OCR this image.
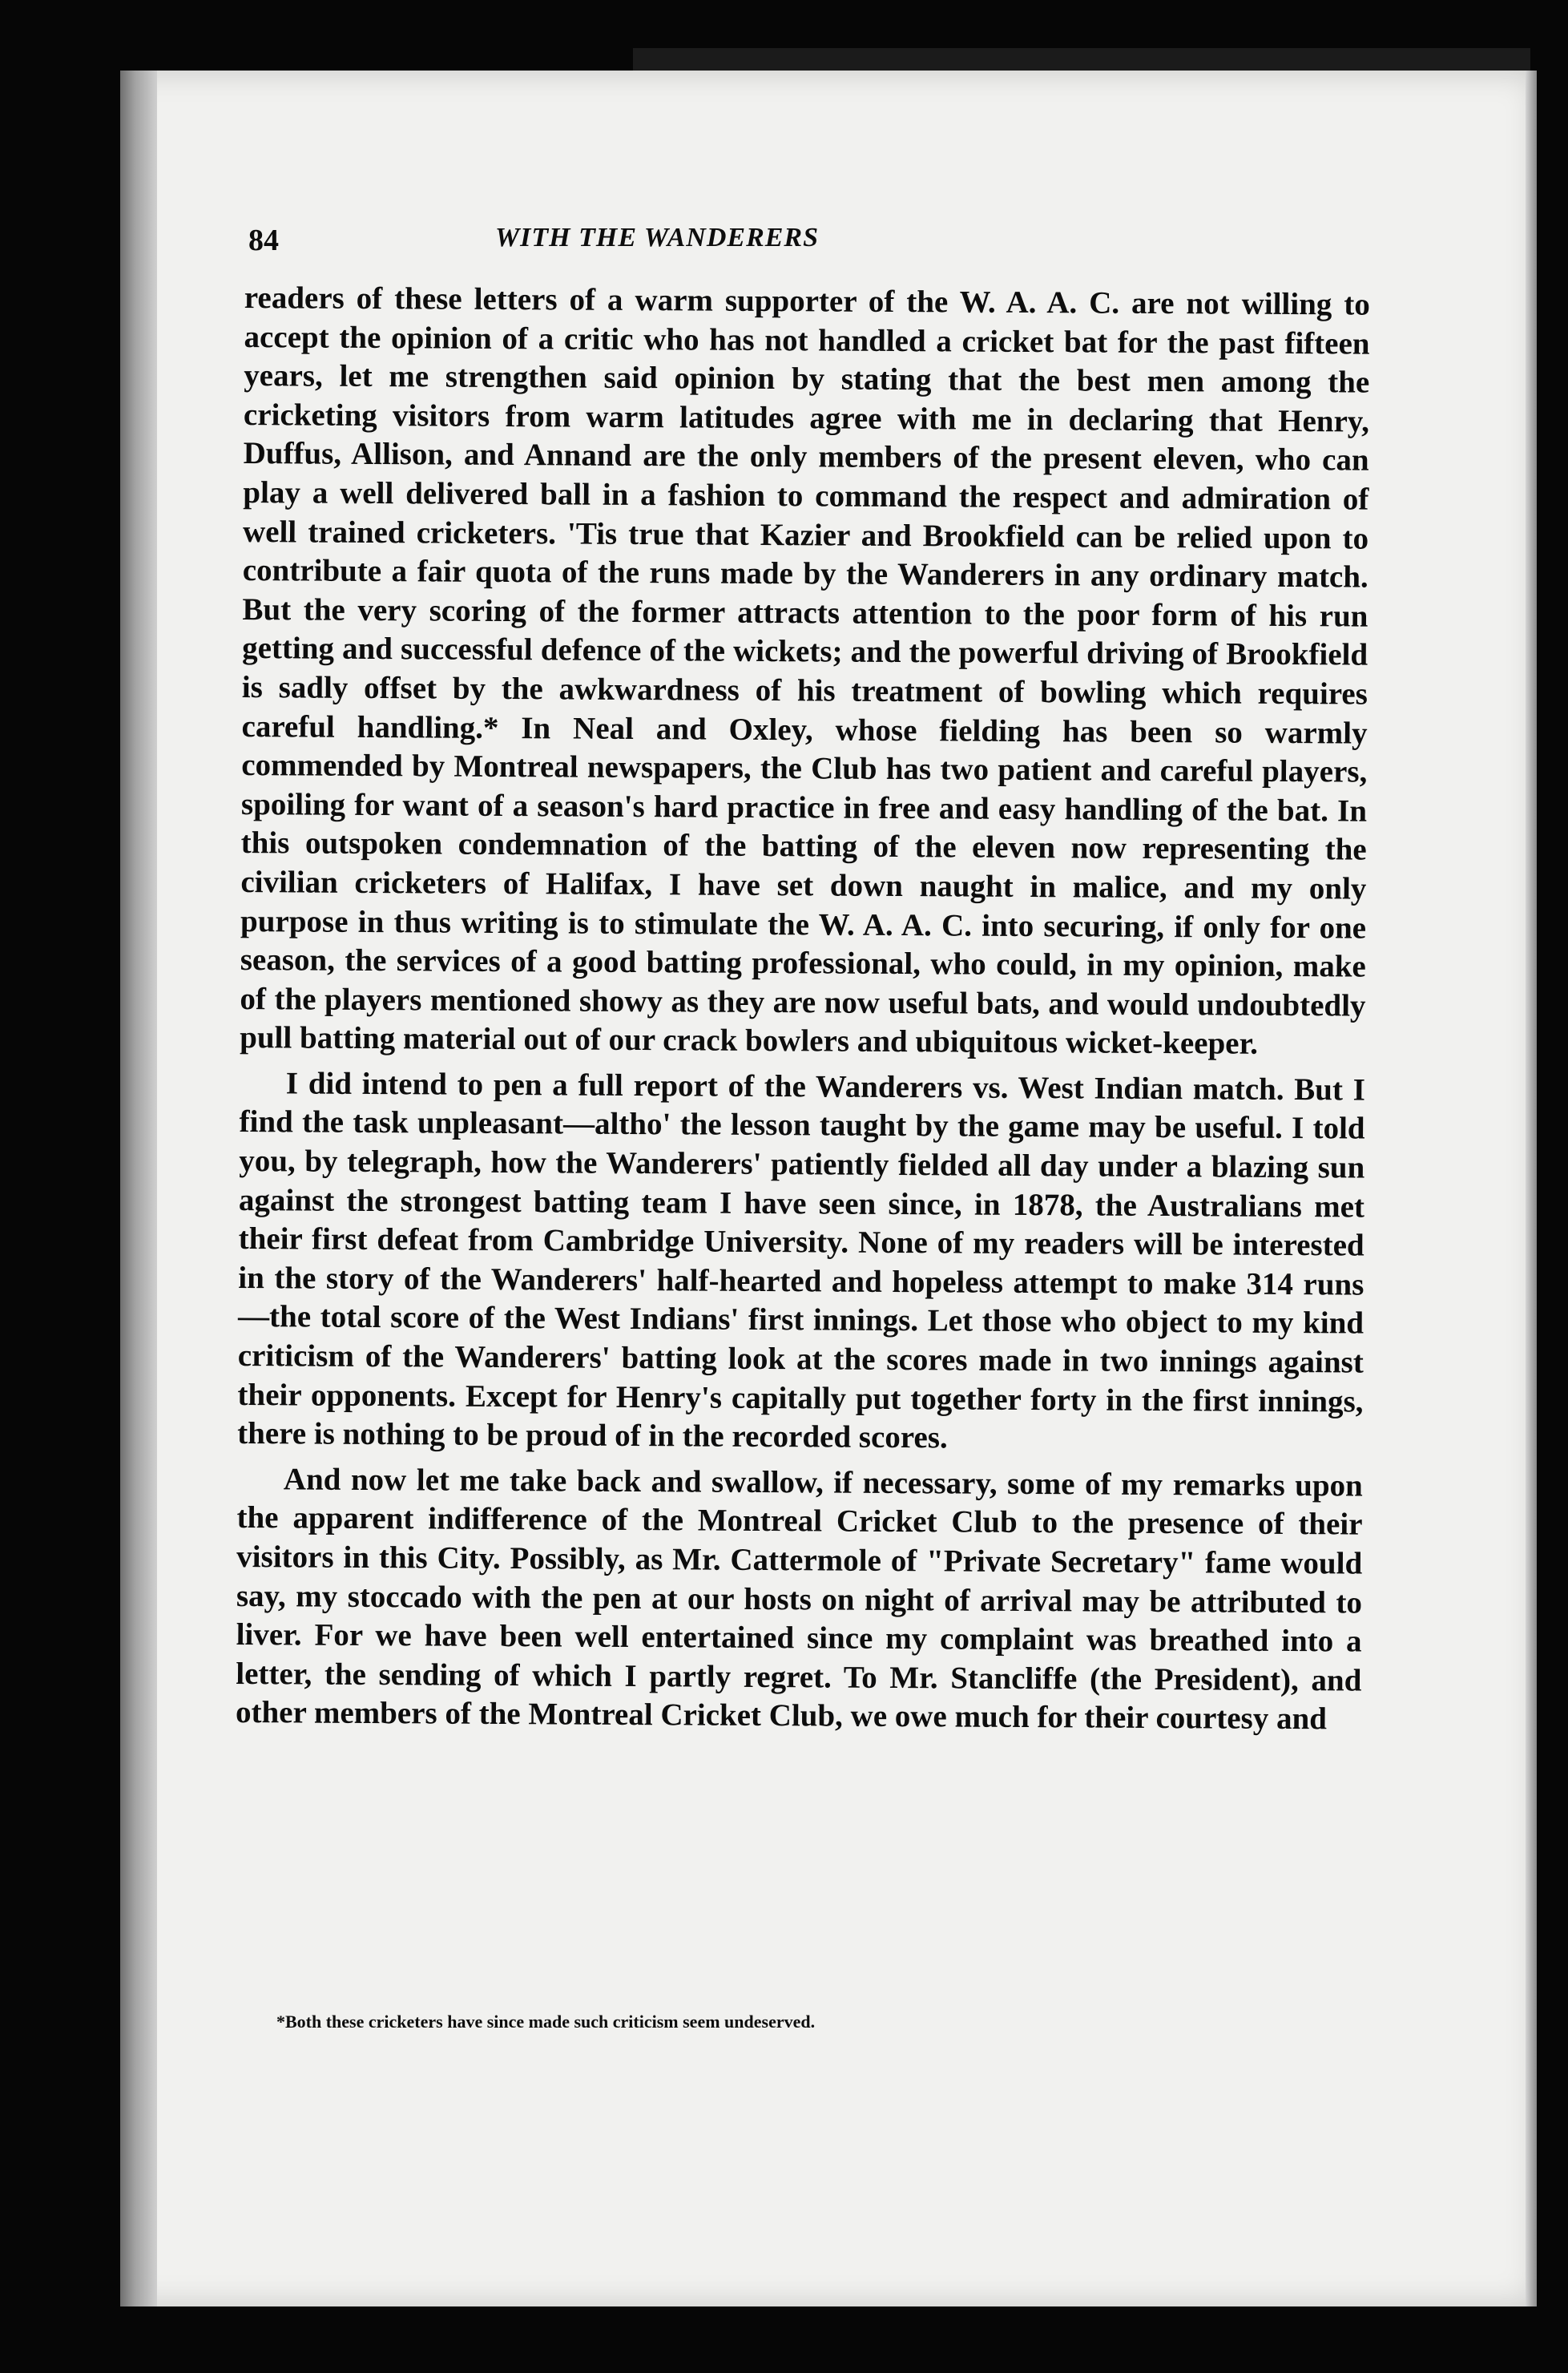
84	WITH THE WANDERERS

readers of these letters of a warm supporter of the W. A. A. C. are not willing to accept the opinion of a critic who has not handled a cricket bat for the past fifteen years, let me strengthen said opinion by stating that the best men among the cricketing visitors from warm latitudes agree with me in declaring that Henry, Duffus, Allison, and Annand are the only members of the present eleven, who can play a well delivered ball in a fashion to command the respect and admiration of well trained cricketers. 'Tis true that Kazier and Brookfield can be relied upon to contribute a fair quota of the runs made by the Wanderers in any ordinary match. But the very scoring of the former attracts attention to the poor form of his run getting and successful defence of the wickets; and the powerful driving of Brookfield is sadly offset by the awkwardness of his treatment of bowling which requires careful handling.* In Neal and Oxley, whose fielding has been so warmly commended by Montreal newspapers, the Club has two patient and careful players, spoiling for want of a season's hard practice in free and easy handling of the bat. In this outspoken condemnation of the batting of the eleven now representing the civilian cricketers of Halifax, I have set down naught in malice, and my only purpose in thus writing is to stimulate the W. A. A. C. into securing, if only for one season, the services of a good batting professional, who could, in my opinion, make of the players mentioned showy as they are now useful bats, and would undoubtedly pull batting material out of our crack bowlers and ubiquitous wicket-keeper.

I did intend to pen a full report of the Wanderers vs. West Indian match. But I find the task unpleasant—altho' the lesson taught by the game may be useful. I told you, by telegraph, how the Wanderers' patiently fielded all day under a blazing sun against the strongest batting team I have seen since, in 1878, the Australians met their first defeat from Cambridge University. None of my readers will be interested in the story of the Wanderers' half-hearted and hopeless attempt to make 314 runs—the total score of the West Indians' first innings. Let those who object to my kind criticism of the Wanderers' batting look at the scores made in two innings against their opponents. Except for Henry's capitally put together forty in the first innings, there is nothing to be proud of in the recorded scores.

And now let me take back and swallow, if necessary, some of my remarks upon the apparent indifference of the Montreal Cricket Club to the presence of their visitors in this City. Possibly, as Mr. Cattermole of "Private Secretary" fame would say, my stoccado with the pen at our hosts on night of arrival may be attributed to liver. For we have been well entertained since my complaint was breathed into a letter, the sending of which I partly regret. To Mr. Stancliffe (the President), and other members of the Montreal Cricket Club, we owe much for their courtesy and

*Both these cricketers have since made such criticism seem undeserved.
